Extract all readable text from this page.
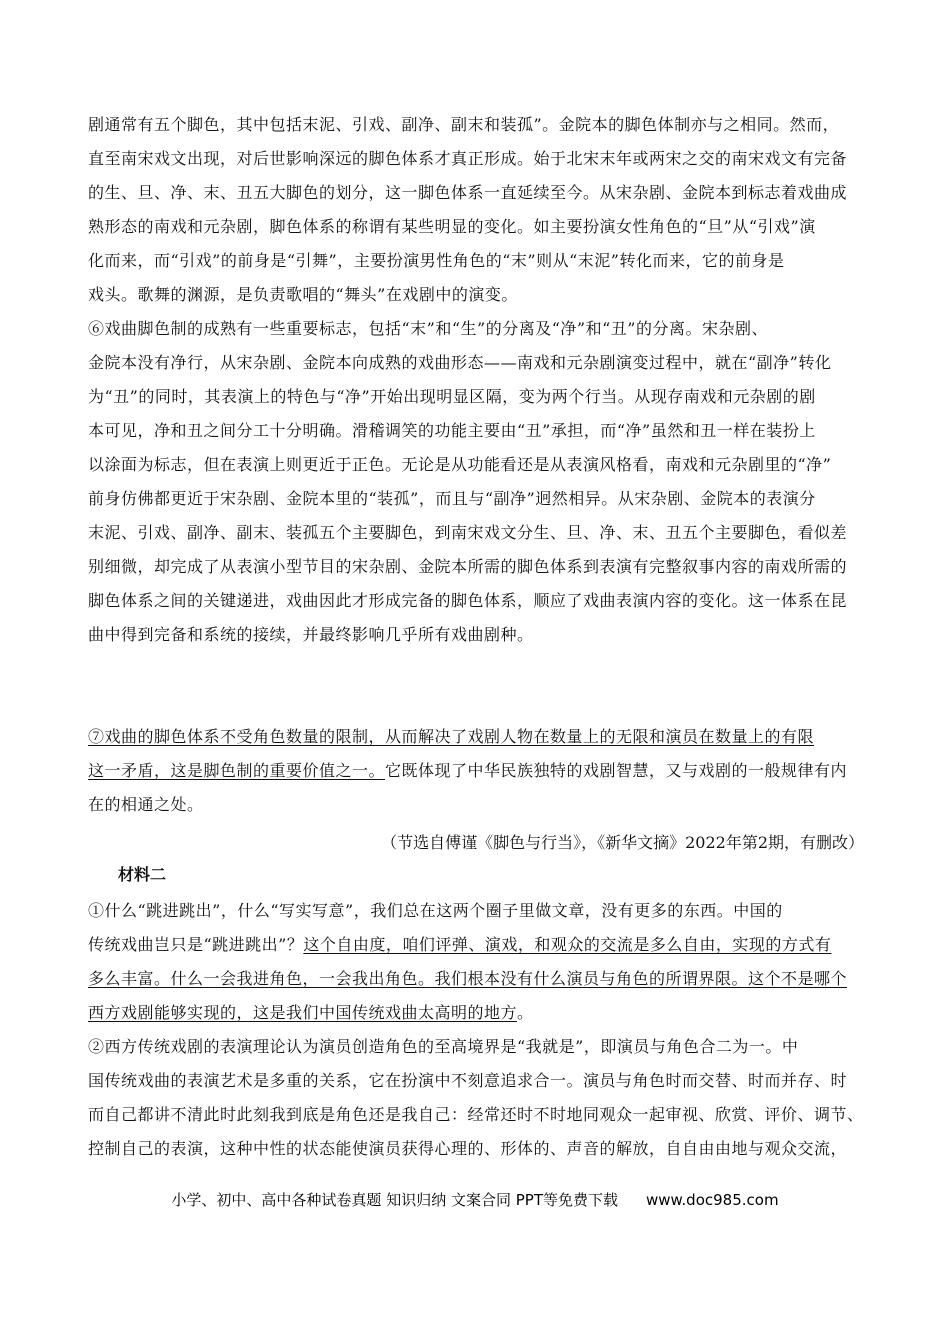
剧通常有五个脚色，其中包括末泥、引戏、副净、副末和装孤”。金院本的脚色体制亦与之相同。然而，
直至南宋戏文出现，对后世影响深远的脚色体系才真正形成。始于北宋末年或两宋之交的南宋戏文有完备
的生、旦、净、末、丑五大脚色的划分，这一脚色体系一直延续至今。从宋杂剧、金院本到标志着戏曲成
熟形态的南戏和元杂剧，脚色体系的称谓有某些明显的变化。如主要扮演女性角色的“旦”从“引戏”演
化而来，而“引戏”的前身是“引舞”，主要扮演男性角色的“末”则从“末泥”转化而来，它的前身是
戏头。歌舞的渊源，是负责歌唱的“舞头”在戏剧中的演变。

⑥戏曲脚色制的成熟有一些重要标志，包括“末”和“生”的分离及“净”和“丑”的分离。宋杂剧、
金院本没有净行，从宋杂剧、金院本向成熟的戏曲形态——南戏和元杂剧演变过程中，就在“副净”转化
为“丑”的同时，其表演上的特色与“净”开始出现明显区隔，变为两个行当。从现存南戏和元杂剧的剧
本可见，净和丑之间分工十分明确。滑稽调笑的功能主要由“丑”承担，而“净”虽然和丑一样在装扮上
以涂面为标志，但在表演上则更近于正色。无论是从功能看还是从表演风格看，南戏和元杂剧里的“净”
前身仿佛都更近于宋杂剧、金院本里的“装孤”，而且与“副净”迥然相异。从宋杂剧、金院本的表演分
末泥、引戏、副净、副末、装孤五个主要脚色，到南宋戏文分生、旦、净、末、丑五个主要脚色，看似差
别细微，却完成了从表演小型节目的宋杂剧、金院本所需的脚色体系到表演有完整叙事内容的南戏所需的
脚色体系之间的关键递进，戏曲因此才形成完备的脚色体系，顺应了戏曲表演内容的变化。这一体系在昆
曲中得到完备和系统的接续，并最终影响几乎所有戏曲剧种。

⑦戏曲的脚色体系不受角色数量的限制，从而解决了戏剧人物在数量上的无限和演员在数量上的有限
这一矛盾，这是脚色制的重要价值之一。它既体现了中华民族独特的戏剧智慧，又与戏剧的一般规律有内
在的相通之处。

（节选自傅谨《脚色与行当》，《新华文摘》2022年第2期，有删改）
材料二

①什么“跳进跳出”，什么“写实写意”，我们总在这两个圈子里做文章，没有更多的东西。中国的
传统戏曲岂只是“跳进跳出”？这个自由度，咱们评弹、演戏，和观众的交流是多么自由，实现的方式有
多么丰富。什么一会我进角色，一会我出角色。我们根本没有什么演员与角色的所谓界限。这个不是哪个
西方戏剧能够实现的，这是我们中国传统戏曲太高明的地方。

②西方传统戏剧的表演理论认为演员创造角色的至高境界是“我就是”，即演员与角色合二为一。中
国传统戏曲的表演艺术是多重的关系，它在扮演中不刻意追求合一。演员与角色时而交替、时而并存、时
而自己都讲不清此时此刻我到底是角色还是我自己：经常还时不时地同观众一起审视、欣赏、评价、调节、
控制自己的表演，这种中性的状态能使演员获得心理的、形体的、声音的解放，自自由由地与观众交流，

小学、初中、高中各种试卷真题 知识归纳 文案合同 PPT等免费下载 www.doc985.com
